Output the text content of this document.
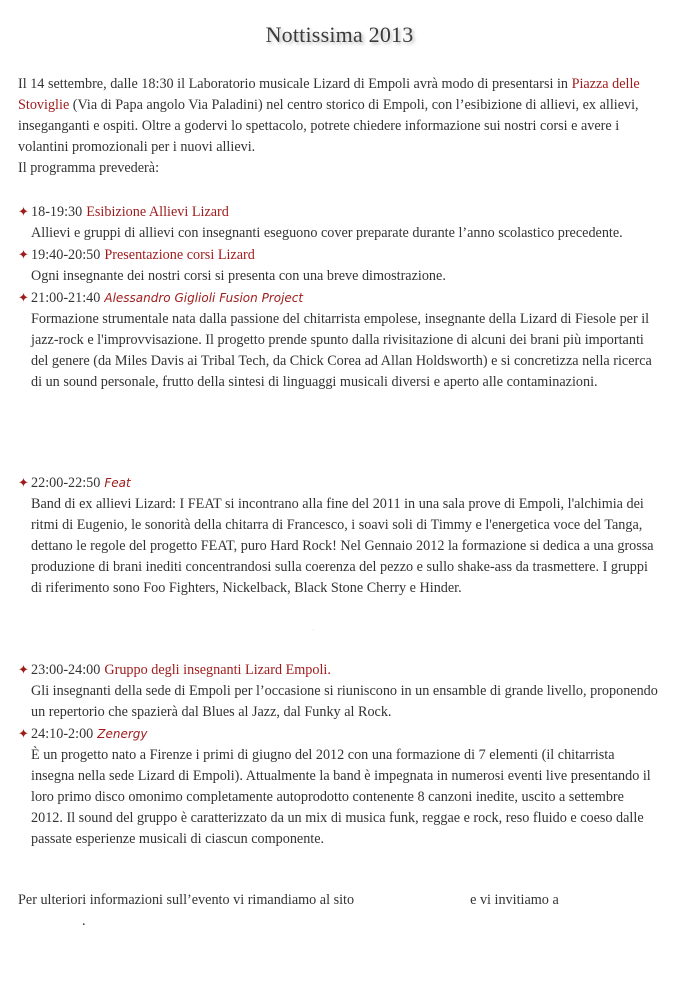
Nottissima 2013

Il 14 settembre, dalle 18:30 il Laboratorio musicale Lizard di Empoli avrà modo di presentarsi in Piazza delle Stoviglie (Via di Papa angolo Via Paladini) nel centro storico di Empoli, con l’esibizione di allievi, ex allievi, inseganganti e ospiti. Oltre a godervi lo spettacolo, potrete chiedere informazione sui nostri corsi e avere i volantini promozionali per i nuovi allievi.

Il programma prevederà:

✦ 18-19:30 Esibizione Allievi Lizard

Allievi e gruppi di allievi con insegnanti eseguono cover preparate durante l’anno scolastico precedente.

✦ 19:40-20:50 Presentazione corsi Lizard

Ogni insegnante dei nostri corsi si presenta con una breve dimostrazione.

✦ 21:00-21:40 Alessandro Giglioli Fusion Project

Formazione strumentale nata dalla passione del chitarrista empolese, insegnante della Lizard di Fiesole per il jazz-rock e l'improvvisazione. Il progetto prende spunto dalla rivisitazione di alcuni dei brani più importanti del genere (da Miles Davis ai Tribal Tech, da Chick Corea ad Allan Holdsworth) e si concretizza nella ricerca di un sound personale, frutto della sintesi di linguaggi musicali diversi e aperto alle contaminazioni.

✦ 22:00-22:50 Feat

Band di ex allievi Lizard: I FEAT si incontrano alla fine del 2011 in una sala prove di Empoli, l'alchimia dei ritmi di Eugenio, le sonorità della chitarra di Francesco, i soavi soli di Timmy e l'energetica voce del Tanga, dettano le regole del progetto FEAT, puro Hard Rock! Nel Gennaio 2012 la formazione si dedica a una grossa produzione di brani inediti concentrandosi sulla coerenza del pezzo e sullo shake-ass da trasmettere. I gruppi di riferimento sono Foo Fighters, Nickelback, Black Stone Cherry e Hinder.

·
✦ 23:00-24:00 Gruppo degli insegnanti Lizard Empoli.

Gli insegnanti della sede di Empoli per l’occasione si riuniscono in un ensamble di grande livello, proponendo un repertorio che spazierà dal Blues al Jazz, dal Funky al Rock.

✦ 24:10-2:00 Zenergy

È un progetto nato a Firenze i primi di giugno del 2012 con una formazione di 7 elementi (il chitarrista insegna nella sede Lizard di Empoli). Attualmente la band è impegnata in numerosi eventi live presentando il loro primo disco omonimo completamente autoprodotto contenente 8 canzoni inedite, uscito a settembre 2012. Il sound del gruppo è caratterizzato da un mix di musica funk, reggae e rock, reso fluido e coeso dalle passate esperienze musicali di ciascun componente.

Per ulteriori informazioni sull’evento vi rimandiamo al sito	e vi invitiamo a
.
